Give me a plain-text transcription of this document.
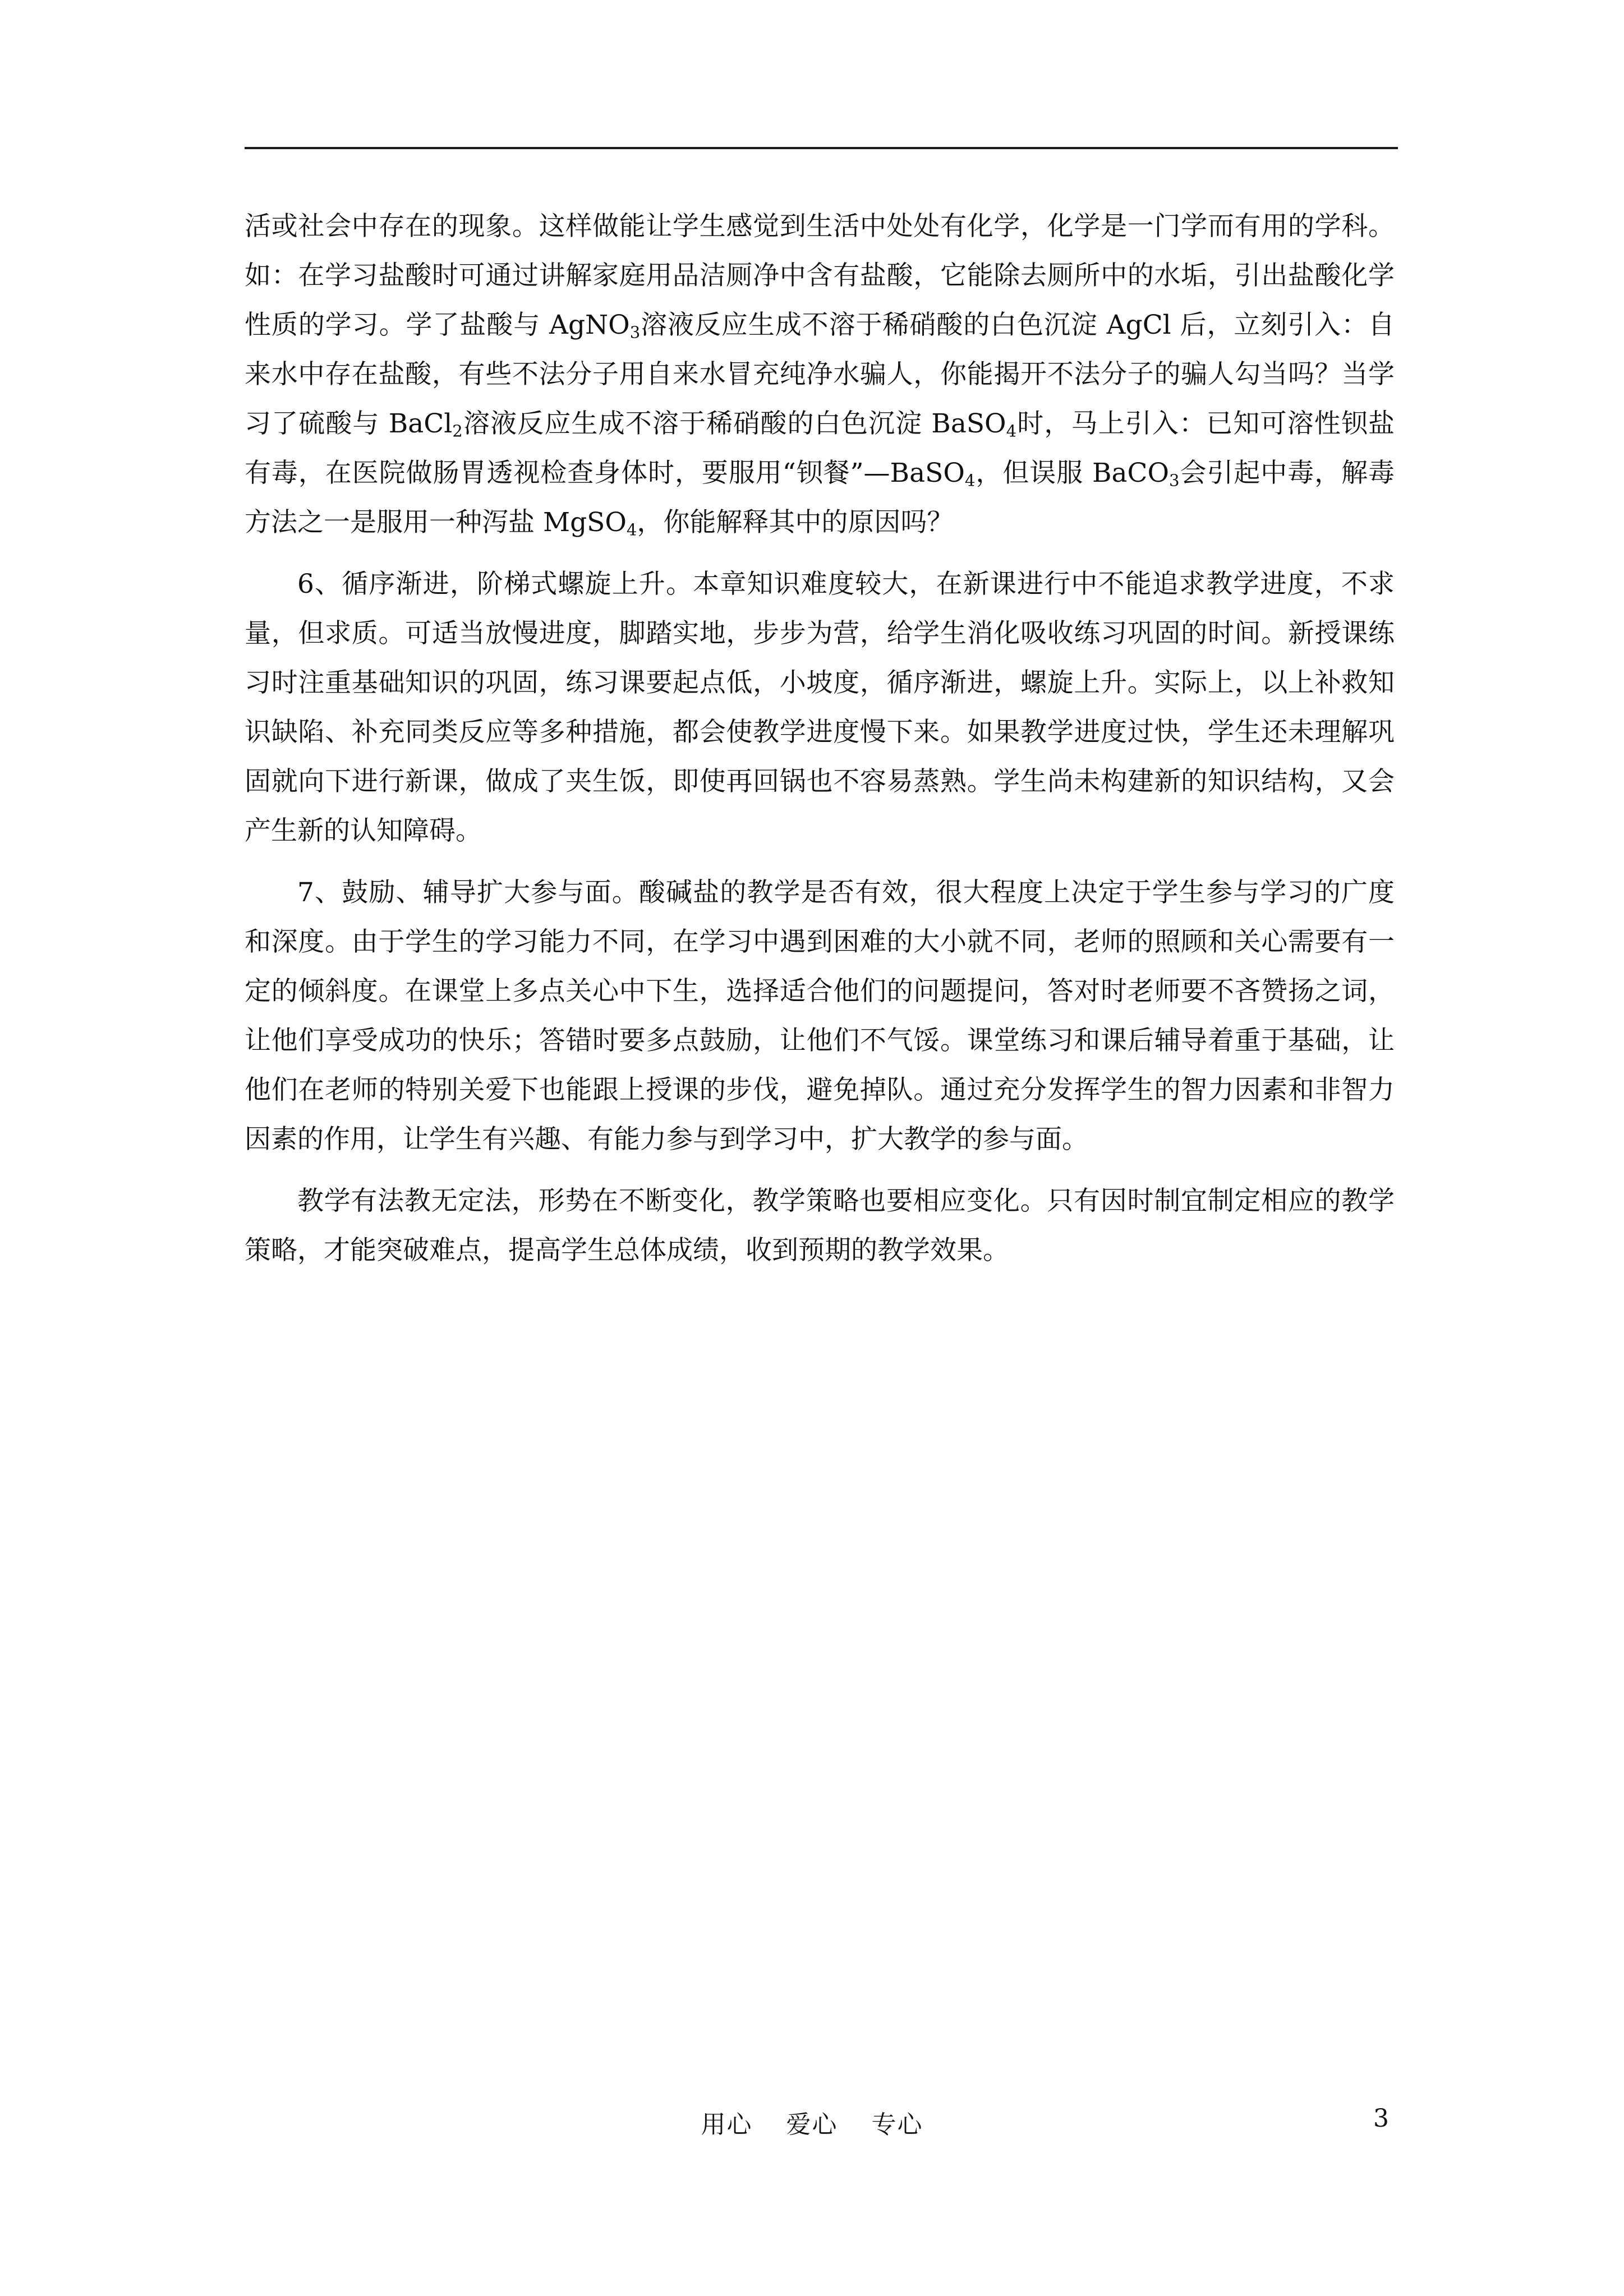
活或社会中存在的现象。这样做能让学生感觉到生活中处处有化学，化学是一门学而有用的学科。如：在学习盐酸时可通过讲解家庭用品洁厕净中含有盐酸，它能除去厕所中的水垢，引出盐酸化学性质的学习。学了盐酸与 AgNO$_3$溶液反应生成不溶于稀硝酸的白色沉淀 AgCl 后，立刻引入：自来水中存在盐酸，有些不法分子用自来水冒充纯净水骗人，你能揭开不法分子的骗人勾当吗？当学习了硫酸与 BaCl$_2$溶液反应生成不溶于稀硝酸的白色沉淀 BaSO$_4$时，马上引入：已知可溶性钡盐有毒，在医院做肠胃透视检查身体时，要服用“钡餐”—BaSO$_4$，但误服 BaCO$_3$会引起中毒，解毒方法之一是服用一种泻盐 MgSO$_4$，你能解释其中的原因吗？

6、循序渐进，阶梯式螺旋上升。本章知识难度较大，在新课进行中不能追求教学进度，不求量，但求质。可适当放慢进度，脚踏实地，步步为营，给学生消化吸收练习巩固的时间。新授课练习时注重基础知识的巩固，练习课要起点低，小坡度，循序渐进，螺旋上升。实际上，以上补救知识缺陷、补充同类反应等多种措施，都会使教学进度慢下来。如果教学进度过快，学生还未理解巩固就向下进行新课，做成了夹生饭，即使再回锅也不容易蒸熟。学生尚未构建新的知识结构，又会产生新的认知障碍。

7、鼓励、辅导扩大参与面。酸碱盐的教学是否有效，很大程度上决定于学生参与学习的广度和深度。由于学生的学习能力不同，在学习中遇到困难的大小就不同，老师的照顾和关心需要有一定的倾斜度。在课堂上多点关心中下生，选择适合他们的问题提问，答对时老师要不吝赞扬之词，让他们享受成功的快乐；答错时要多点鼓励，让他们不气馁。课堂练习和课后辅导着重于基础，让他们在老师的特别关爱下也能跟上授课的步伐，避免掉队。通过充分发挥学生的智力因素和非智力因素的作用，让学生有兴趣、有能力参与到学习中，扩大教学的参与面。

教学有法教无定法，形势在不断变化，教学策略也要相应变化。只有因时制宜制定相应的教学策略，才能突破难点，提高学生总体成绩，收到预期的教学效果。

用心 爱心 专心	3
